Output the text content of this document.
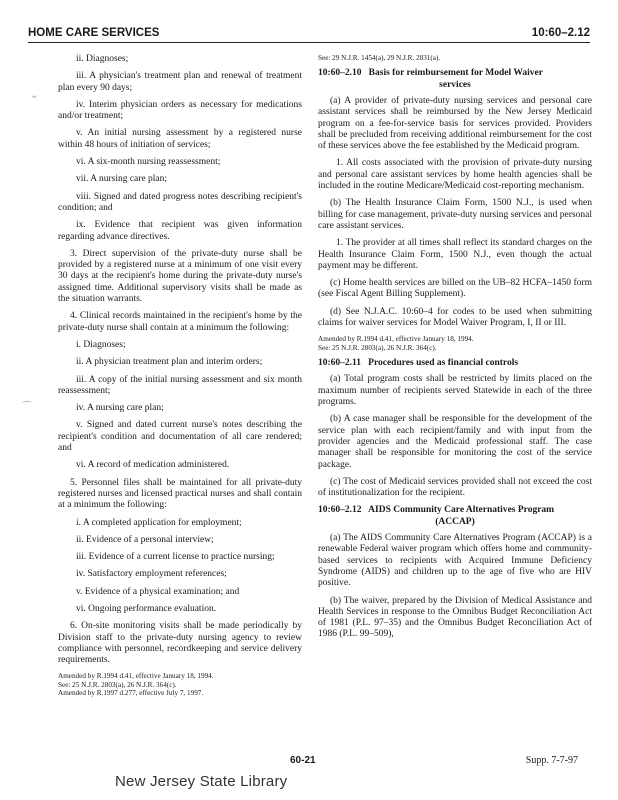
HOME CARE SERVICES	10:60–2.12
⌄
⌒

ii. Diagnoses;

iii. A physician's treatment plan and renewal of treatment plan every 90 days;

iv. Interim physician orders as necessary for medications and/or treatment;

v. An initial nursing assessment by a registered nurse within 48 hours of initiation of services;

vi. A six-month nursing reassessment;

vii. A nursing care plan;

viii. Signed and dated progress notes describing recipient's condition; and

ix. Evidence that recipient was given information regarding advance directives.

3. Direct supervision of the private-duty nurse shall be provided by a registered nurse at a minimum of one visit every 30 days at the recipient's home during the private-duty nurse's assigned time. Additional supervisory visits shall be made as the situation warrants.

4. Clinical records maintained in the recipient's home by the private-duty nurse shall contain at a minimum the following:

i. Diagnoses;

ii. A physician treatment plan and interim orders;

iii. A copy of the initial nursing assessment and six month reassessment;

iv. A nursing care plan;

v. Signed and dated current nurse's notes describing the recipient's condition and documentation of all care rendered; and

vi. A record of medication administered.

5. Personnel files shall be maintained for all private-duty registered nurses and licensed practical nurses and shall contain at a minimum the following:

i. A completed application for employment;

ii. Evidence of a personal interview;

iii. Evidence of a current license to practice nursing;

iv. Satisfactory employment references;

v. Evidence of a physical examination; and

vi. Ongoing performance evaluation.

6. On-site monitoring visits shall be made periodically by Division staff to the private-duty nursing agency to review compliance with personnel, recordkeeping and service delivery requirements.

Amended by R.1994 d.41, effective January 18, 1994.
See: 25 N.J.R. 2803(a), 26 N.J.R. 364(c).
Amended by R.1997 d.277, effective July 7, 1997.
See: 29 N.J.R. 1454(a), 29 N.J.R. 2831(a).
10:60–2.10 Basis for reimbursement for Model Waiver
services

(a) A provider of private-duty nursing services and personal care assistant services shall be reimbursed by the New Jersey Medicaid program on a fee-for-service basis for services provided. Providers shall be precluded from receiving additional reimbursement for the cost of these services above the fee established by the Medicaid program.

1. All costs associated with the provision of private-duty nursing and personal care assistant services by home health agencies shall be included in the routine Medicare/Medicaid cost-reporting mechanism.

(b) The Health Insurance Claim Form, 1500 N.J., is used when billing for case management, private-duty nursing services and personal care assistant services.

1. The provider at all times shall reflect its standard charges on the Health Insurance Claim Form, 1500 N.J., even though the actual payment may be different.

(c) Home health services are billed on the UB–82 HCFA–1450 form (see Fiscal Agent Billing Supplement).

(d) See N.J.A.C. 10:60–4 for codes to be used when submitting claims for waiver services for Model Waiver Program, I, II or III.

Amended by R.1994 d.41, effective January 18, 1994.
See: 25 N.J.R. 2803(a), 26 N.J.R. 364(c).
10:60–2.11 Procedures used as financial controls

(a) Total program costs shall be restricted by limits placed on the maximum number of recipients served Statewide in each of the three programs.

(b) A case manager shall be responsible for the development of the service plan with each recipient/family and with input from the provider agencies and the Medicaid professional staff. The case manager shall be responsible for monitoring the cost of the service package.

(c) The cost of Medicaid services provided shall not exceed the cost of institutionalization for the recipient.

10:60–2.12 AIDS Community Care Alternatives Program
(ACCAP)

(a) The AIDS Community Care Alternatives Program (ACCAP) is a renewable Federal waiver program which offers home and community-based services to recipients with Acquired Immune Deficiency Syndrome (AIDS) and children up to the age of five who are HIV positive.

(b) The waiver, prepared by the Division of Medical Assistance and Health Services in response to the Omnibus Budget Reconciliation Act of 1981 (P.L. 97–35) and the Omnibus Budget Reconciliation Act of 1986 (P.L. 99–509),

60-21	Supp. 7-7-97
New Jersey State Library
